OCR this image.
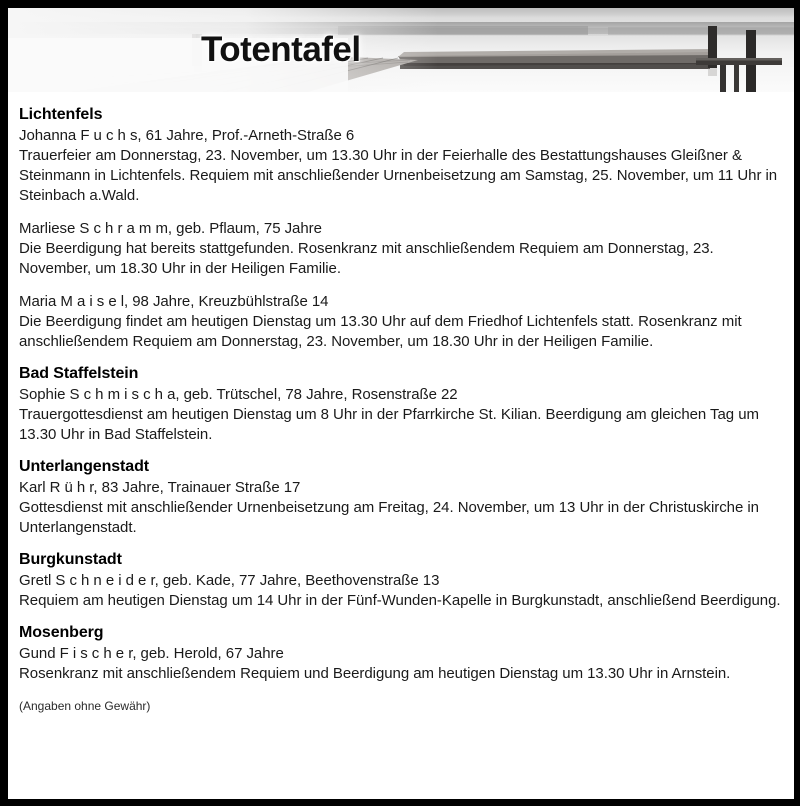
Totentafel
Lichtenfels
Johanna F u c h s, 61 Jahre, Prof.-Arneth-Straße 6
Trauerfeier am Donnerstag, 23. November, um 13.30 Uhr in der Feierhalle des Bestattungshauses Gleißner & Steinmann in Lichtenfels. Requiem mit anschließender Urnenbeisetzung am Samstag, 25. November, um 11 Uhr in Steinbach a.Wald.
Marliese S c h r a m m, geb. Pflaum, 75 Jahre
Die Beerdigung hat bereits stattgefunden. Rosenkranz mit anschließendem Requiem am Donnerstag, 23. November, um 18.30 Uhr in der Heiligen Familie.
Maria M a i s e l, 98 Jahre, Kreuzbühlstraße 14
Die Beerdigung findet am heutigen Dienstag um 13.30 Uhr auf dem Friedhof Lichtenfels statt. Rosenkranz mit anschließendem Requiem am Donnerstag, 23. November, um 18.30 Uhr in der Heiligen Familie.
Bad Staffelstein
Sophie S c h m i s c h a, geb. Trütschel, 78 Jahre, Rosenstraße 22
Trauergottesdienst am heutigen Dienstag um 8 Uhr in der Pfarrkirche St. Kilian. Beerdigung am gleichen Tag um 13.30 Uhr in Bad Staffelstein.
Unterlangenstadt
Karl R ü h r, 83 Jahre, Trainauer Straße 17
Gottesdienst mit anschließender Urnenbeisetzung am Freitag, 24. November, um 13 Uhr in der Christuskirche in Unterlangenstadt.
Burgkunstadt
Gretl S c h n e i d e r, geb. Kade, 77 Jahre, Beethovenstraße 13
Requiem am heutigen Dienstag um 14 Uhr in der Fünf-Wunden-Kapelle in Burgkunstadt, anschließend Beerdigung.
Mosenberg
Gund F i s c h e r, geb. Herold, 67 Jahre
Rosenkranz mit anschließendem Requiem und Beerdigung am heutigen Dienstag um 13.30 Uhr in Arnstein.
(Angaben ohne Gewähr)
